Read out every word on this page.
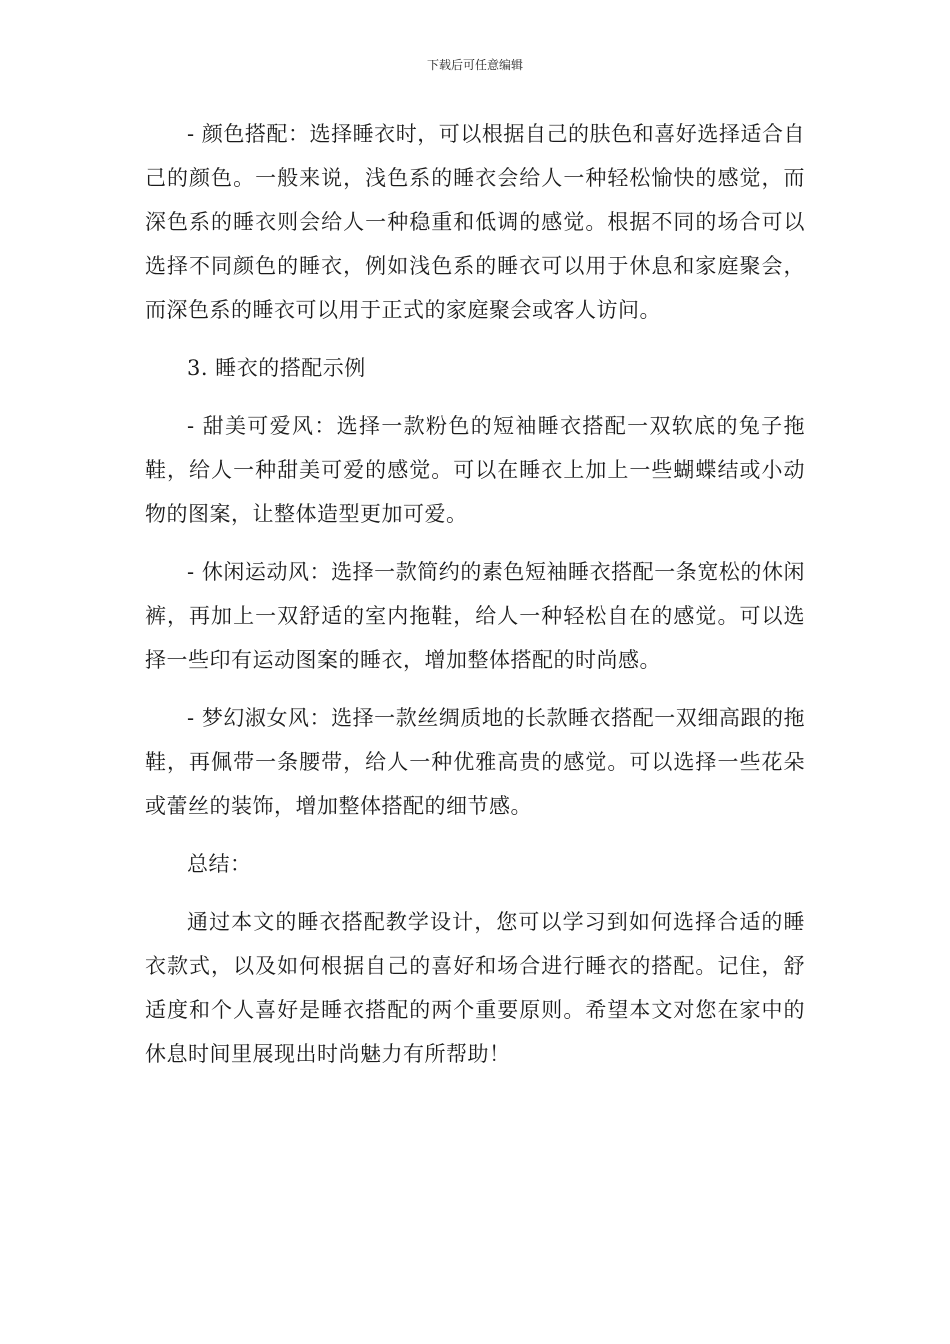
下载后可任意编辑

- 颜色搭配：选择睡衣时，可以根据自己的肤色和喜好选择适合自己的颜色。一般来说，浅色系的睡衣会给人一种轻松愉快的感觉，而深色系的睡衣则会给人一种稳重和低调的感觉。根据不同的场合可以选择不同颜色的睡衣，例如浅色系的睡衣可以用于休息和家庭聚会，而深色系的睡衣可以用于正式的家庭聚会或客人访问。

3. 睡衣的搭配示例

- 甜美可爱风：选择一款粉色的短袖睡衣搭配一双软底的兔子拖鞋，给人一种甜美可爱的感觉。可以在睡衣上加上一些蝴蝶结或小动物的图案，让整体造型更加可爱。

- 休闲运动风：选择一款简约的素色短袖睡衣搭配一条宽松的休闲裤，再加上一双舒适的室内拖鞋，给人一种轻松自在的感觉。可以选择一些印有运动图案的睡衣，增加整体搭配的时尚感。

- 梦幻淑女风：选择一款丝绸质地的长款睡衣搭配一双细高跟的拖鞋，再佩带一条腰带，给人一种优雅高贵的感觉。可以选择一些花朵或蕾丝的装饰，增加整体搭配的细节感。

总结：

通过本文的睡衣搭配教学设计，您可以学习到如何选择合适的睡衣款式，以及如何根据自己的喜好和场合进行睡衣的搭配。记住，舒适度和个人喜好是睡衣搭配的两个重要原则。希望本文对您在家中的休息时间里展现出时尚魅力有所帮助！
